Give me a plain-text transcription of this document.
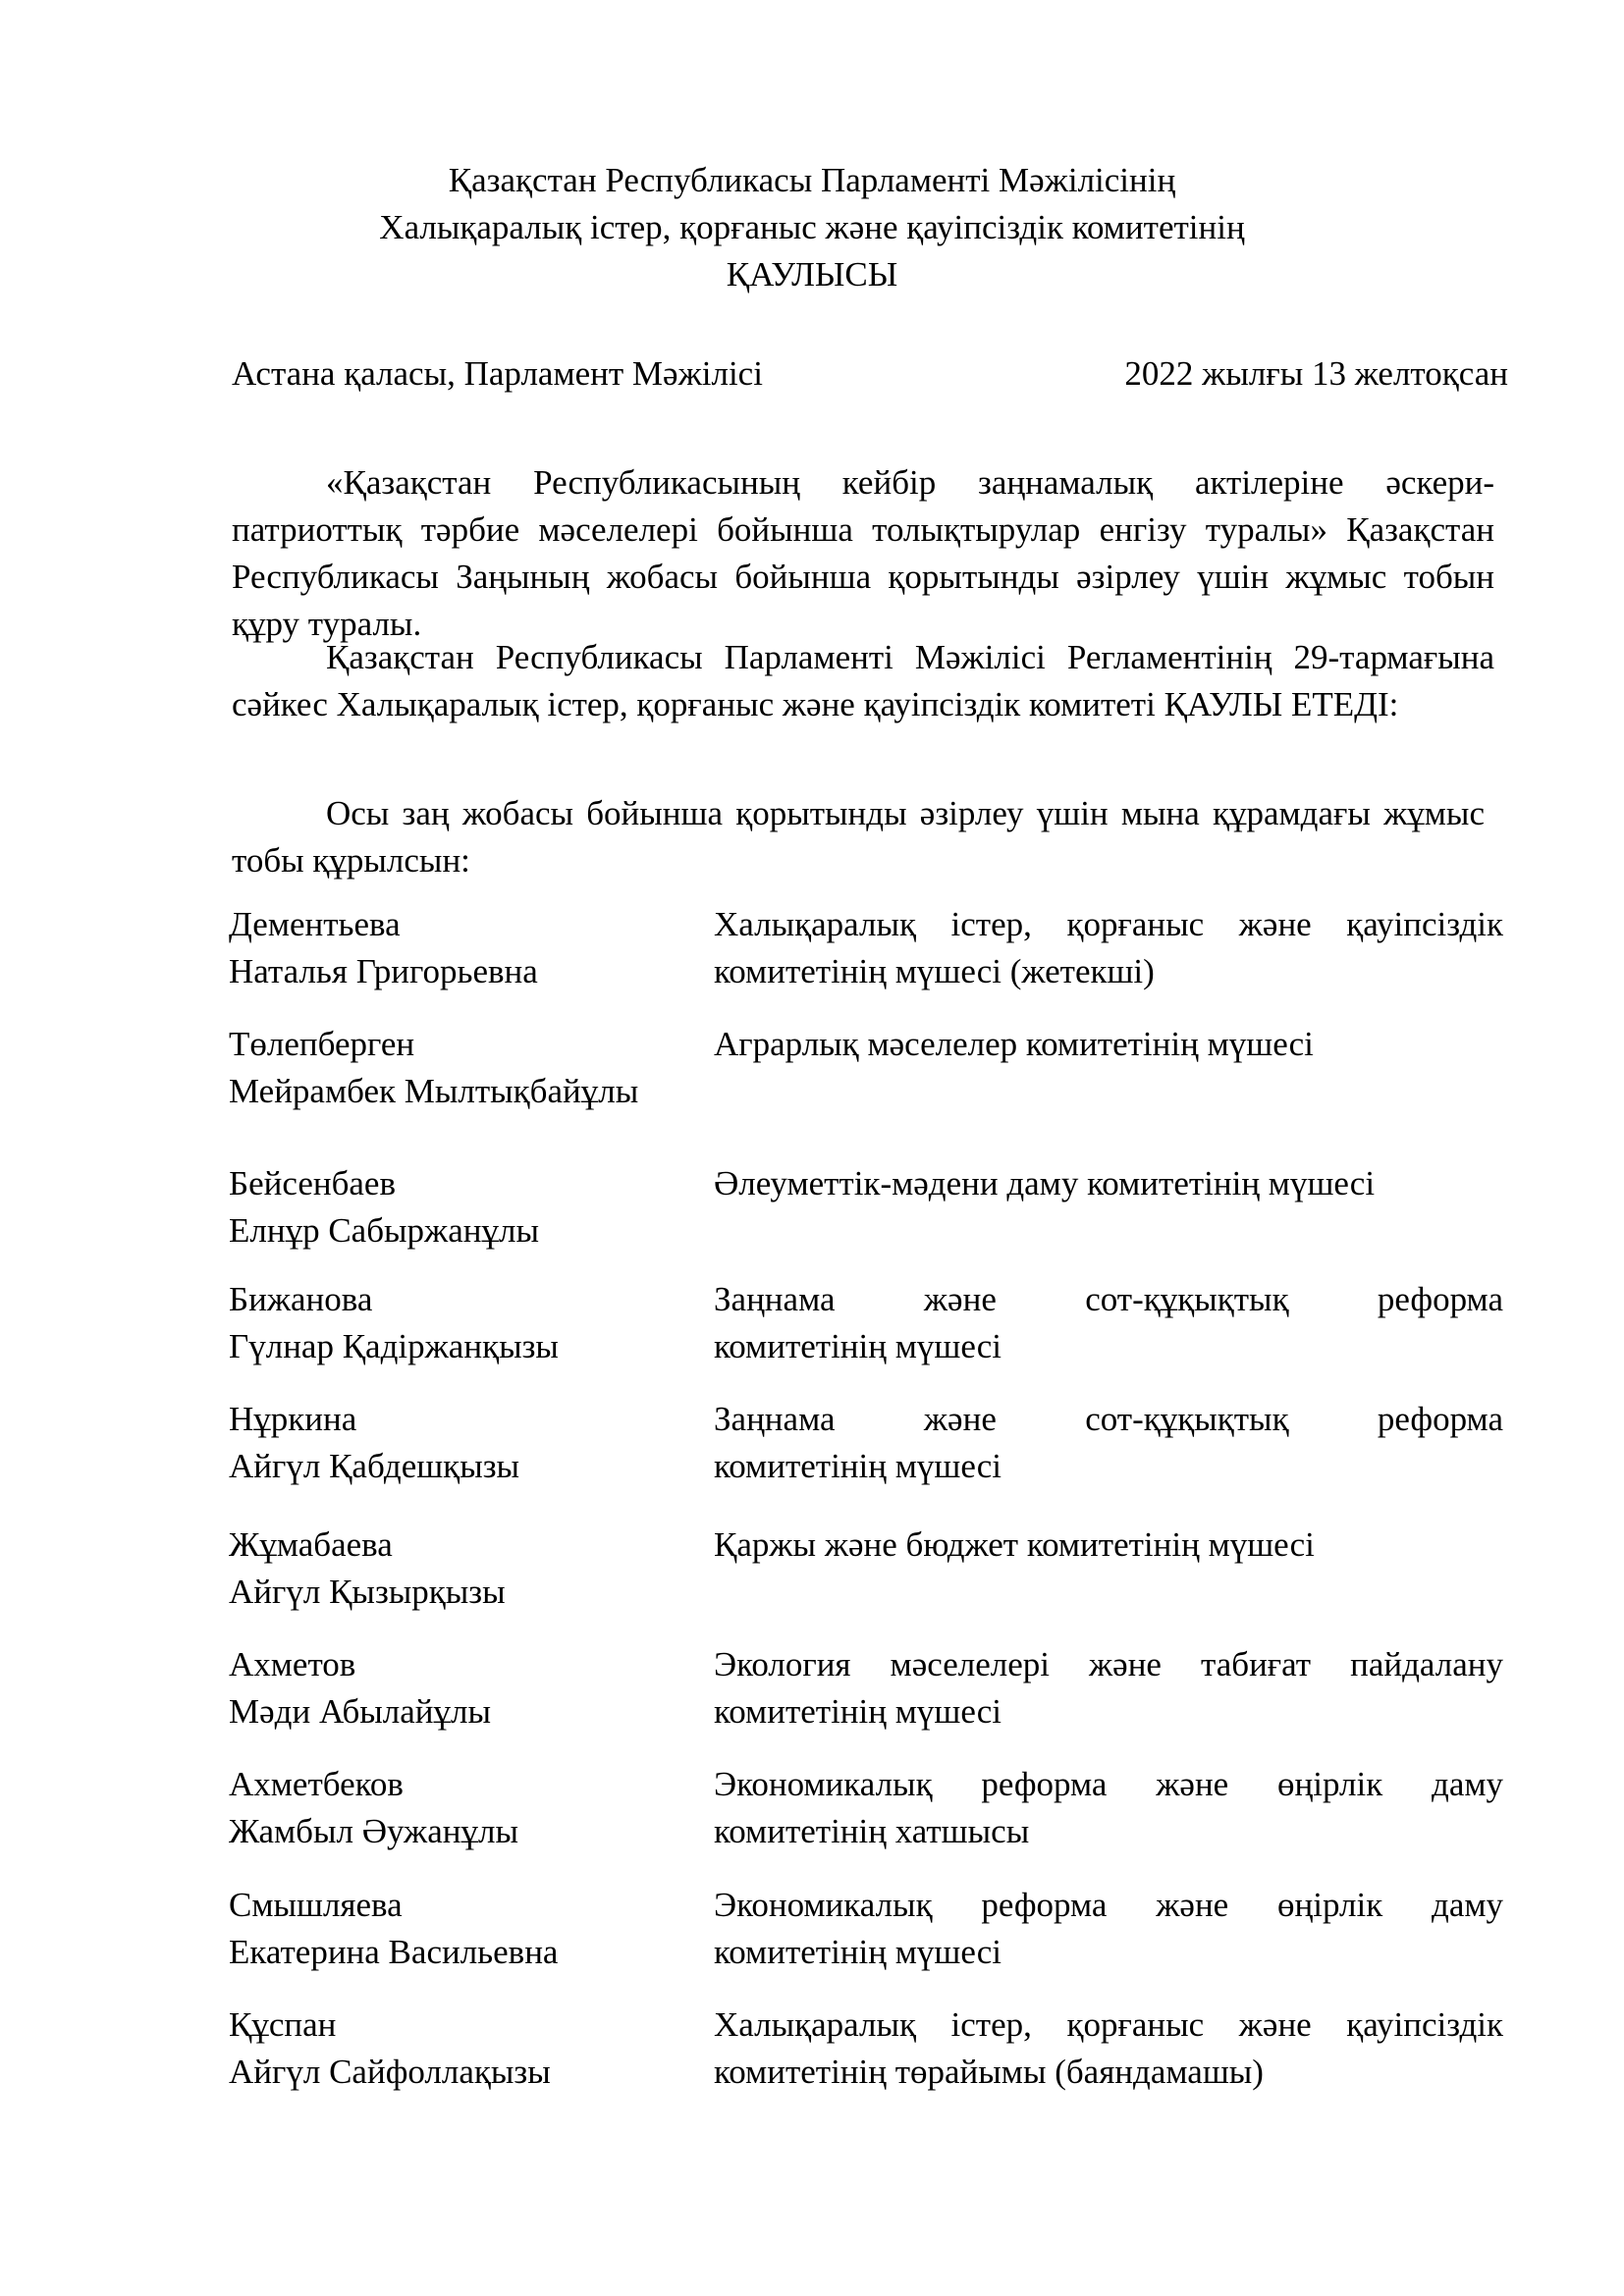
Қазақстан Республикасы Парламенті Мәжілісінің
Халықаралық істер, қорғаныс және қауіпсіздік комитетінің
ҚАУЛЫСЫ
Астана қаласы, Парламент Мәжілісі	2022 жылғы 13 желтоқсан
«Қазақстан Республикасының кейбір заңнамалық актілеріне әскери-патриоттық тәрбие мәселелері бойынша толықтырулар енгізу туралы» Қазақстан Республикасы Заңының жобасы бойынша қорытынды әзірлеу үшін жұмыс тобын құру туралы.
Қазақстан Республикасы Парламенті Мәжілісі Регламентінің 29-тармағына сәйкес Халықаралық істер, қорғаныс және қауіпсіздік комитеті ҚАУЛЫ ЕТЕДІ:
Осы заң жобасы бойынша қорытынды әзірлеу үшін мына құрамдағы жұмыс тобы құрылсын:
Дементьева
Наталья Григорьевна
Халықаралық істер, қорғаныс және қауіпсіздік
комитетінің мүшесі (жетекші)
Төлепберген
Мейрамбек Мылтықбайұлы
Аграрлық мәселелер комитетінің мүшесі
Бейсенбаев
Елнұр Сабыржанұлы
Әлеуметтік-мәдени даму комитетінің мүшесі
Бижанова
Гүлнар Қадіржанқызы
Заңнама және сот-құқықтық реформа
комитетінің мүшесі
Нұркина
Айгүл Қабдешқызы
Заңнама және сот-құқықтық реформа
комитетінің мүшесі
Жұмабаева
Айгүл Қызырқызы
Қаржы және бюджет комитетінің мүшесі
Ахметов
Мәди Абылайұлы
Экология мәселелері және табиғат пайдалану
комитетінің мүшесі
Ахметбеков
Жамбыл Әужанұлы
Экономикалық реформа және өңірлік даму
комитетінің хатшысы
Смышляева
Екатерина Васильевна
Экономикалық реформа және өңірлік даму
комитетінің мүшесі
Құспан
Айгүл Сайфоллақызы
Халықаралық істер, қорғаныс және қауіпсіздік
комитетінің төрайымы (баяндамашы)
